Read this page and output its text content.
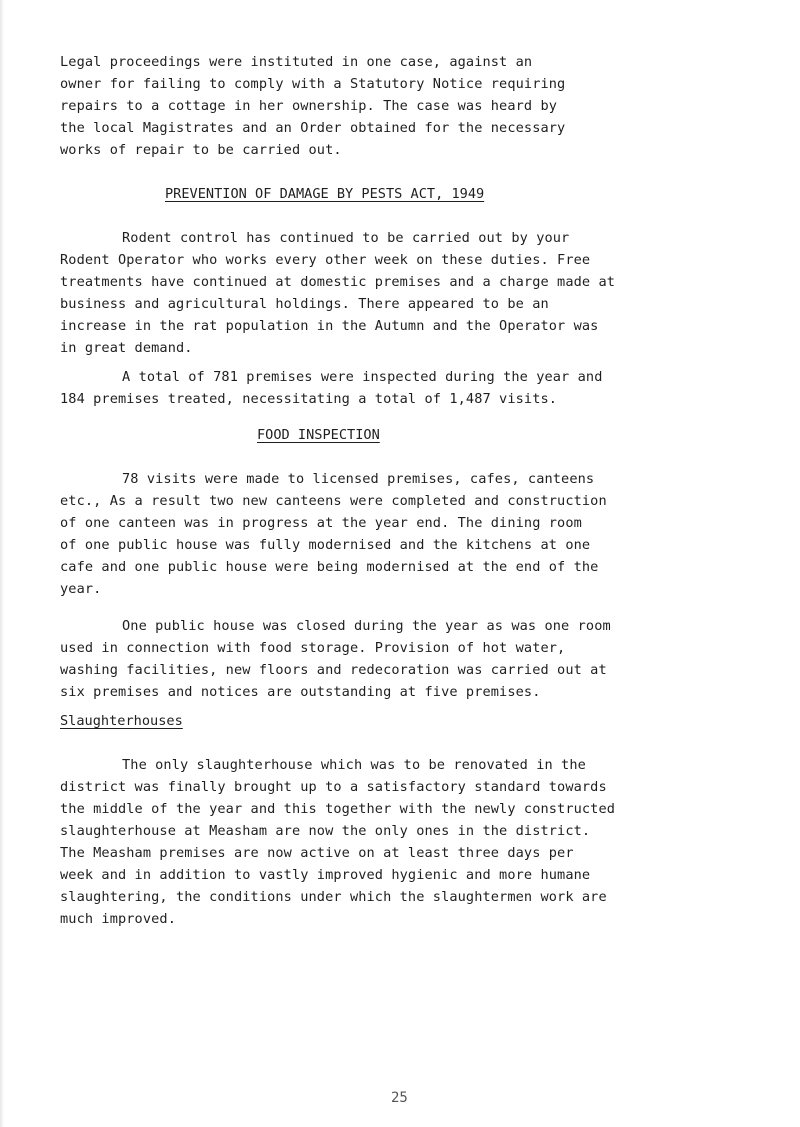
Legal proceedings were instituted in one case, against an
owner for failing to comply with a Statutory Notice requiring
repairs to a cottage in her ownership. The case was heard by
the local Magistrates and an Order obtained for the necessary
works of repair to be carried out.
PREVENTION OF DAMAGE BY PESTS ACT, 1949
Rodent control has continued to be carried out by your
Rodent Operator who works every other week on these duties. Free
treatments have continued at domestic premises and a charge made at
business and agricultural holdings. There appeared to be an
increase in the rat population in the Autumn and the Operator was
in great demand.
A total of 781 premises were inspected during the year and
184 premises treated, necessitating a total of 1,487 visits.
FOOD INSPECTION
78 visits were made to licensed premises, cafes, canteens
etc., As a result two new canteens were completed and construction
of one canteen was in progress at the year end. The dining room
of one public house was fully modernised and the kitchens at one
cafe and one public house were being modernised at the end of the
year.
One public house was closed during the year as was one room
used in connection with food storage. Provision of hot water,
washing facilities, new floors and redecoration was carried out at
six premises and notices are outstanding at five premises.
Slaughterhouses
The only slaughterhouse which was to be renovated in the
district was finally brought up to a satisfactory standard towards
the middle of the year and this together with the newly constructed
slaughterhouse at Measham are now the only ones in the district.
The Measham premises are now active on at least three days per
week and in addition to vastly improved hygienic and more humane
slaughtering, the conditions under which the slaughtermen work are
much improved.
25
